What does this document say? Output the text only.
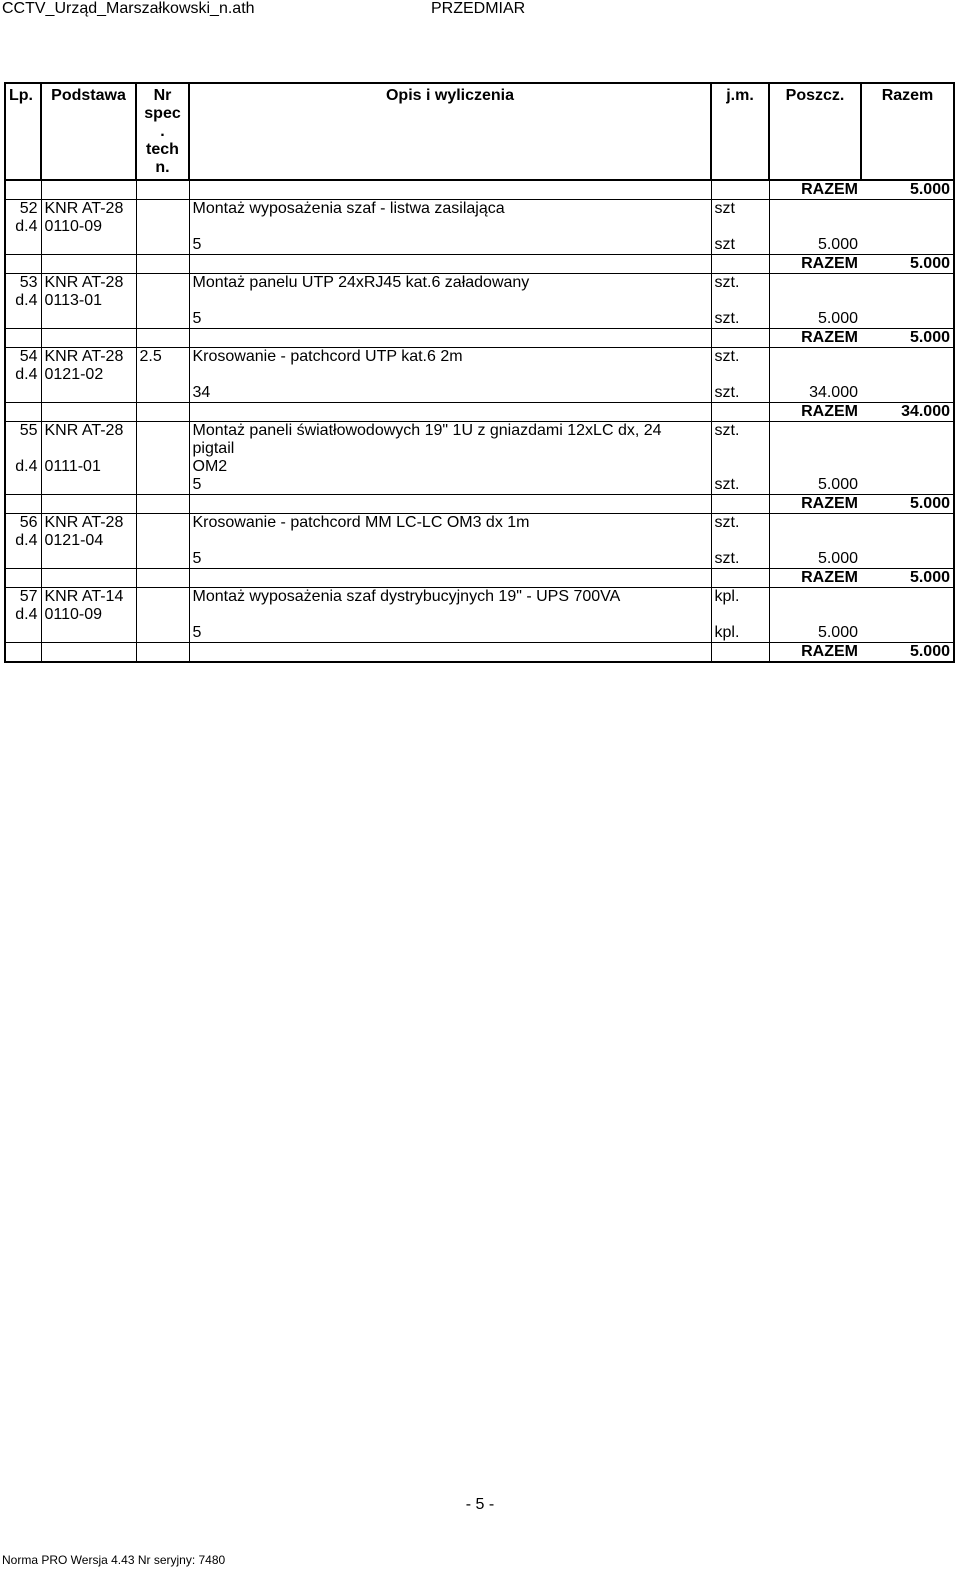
CCTV_Urząd_Marszałkowski_n.ath	PRZEDMIAR
Lp.	Podstawa	Nr
spec
.
tech
n.	Opis i wyliczenia	j.m.	Poszcz.	Razem
					RAZEM	5.000
52	KNR AT-28		Montaż wyposażenia szaf - listwa zasilająca	szt		
d.4	0110-09					
			5	szt	5.000	
					RAZEM	5.000
53	KNR AT-28		Montaż panelu UTP 24xRJ45 kat.6 załadowany	szt.		
d.4	0113-01					
			5	szt.	5.000	
					RAZEM	5.000
54	KNR AT-28	2.5	Krosowanie - patchcord UTP kat.6 2m	szt.		
d.4	0121-02					
			34	szt.	34.000	
					RAZEM	34.000
55	KNR AT-28		Montaż paneli światłowodowych 19" 1U z gniazdami 12xLC dx, 24 pigtail	szt.		
d.4	0111-01		OM2			
			5	szt.	5.000	
					RAZEM	5.000
56	KNR AT-28		Krosowanie - patchcord MM LC-LC OM3 dx 1m	szt.		
d.4	0121-04					
			5	szt.	5.000	
					RAZEM	5.000
57	KNR AT-14		Montaż wyposażenia szaf dystrybucyjnych 19" - UPS 700VA	kpl.		
d.4	0110-09					
			5	kpl.	5.000	
					RAZEM	5.000
- 5 -
Norma PRO Wersja 4.43 Nr seryjny: 7480
